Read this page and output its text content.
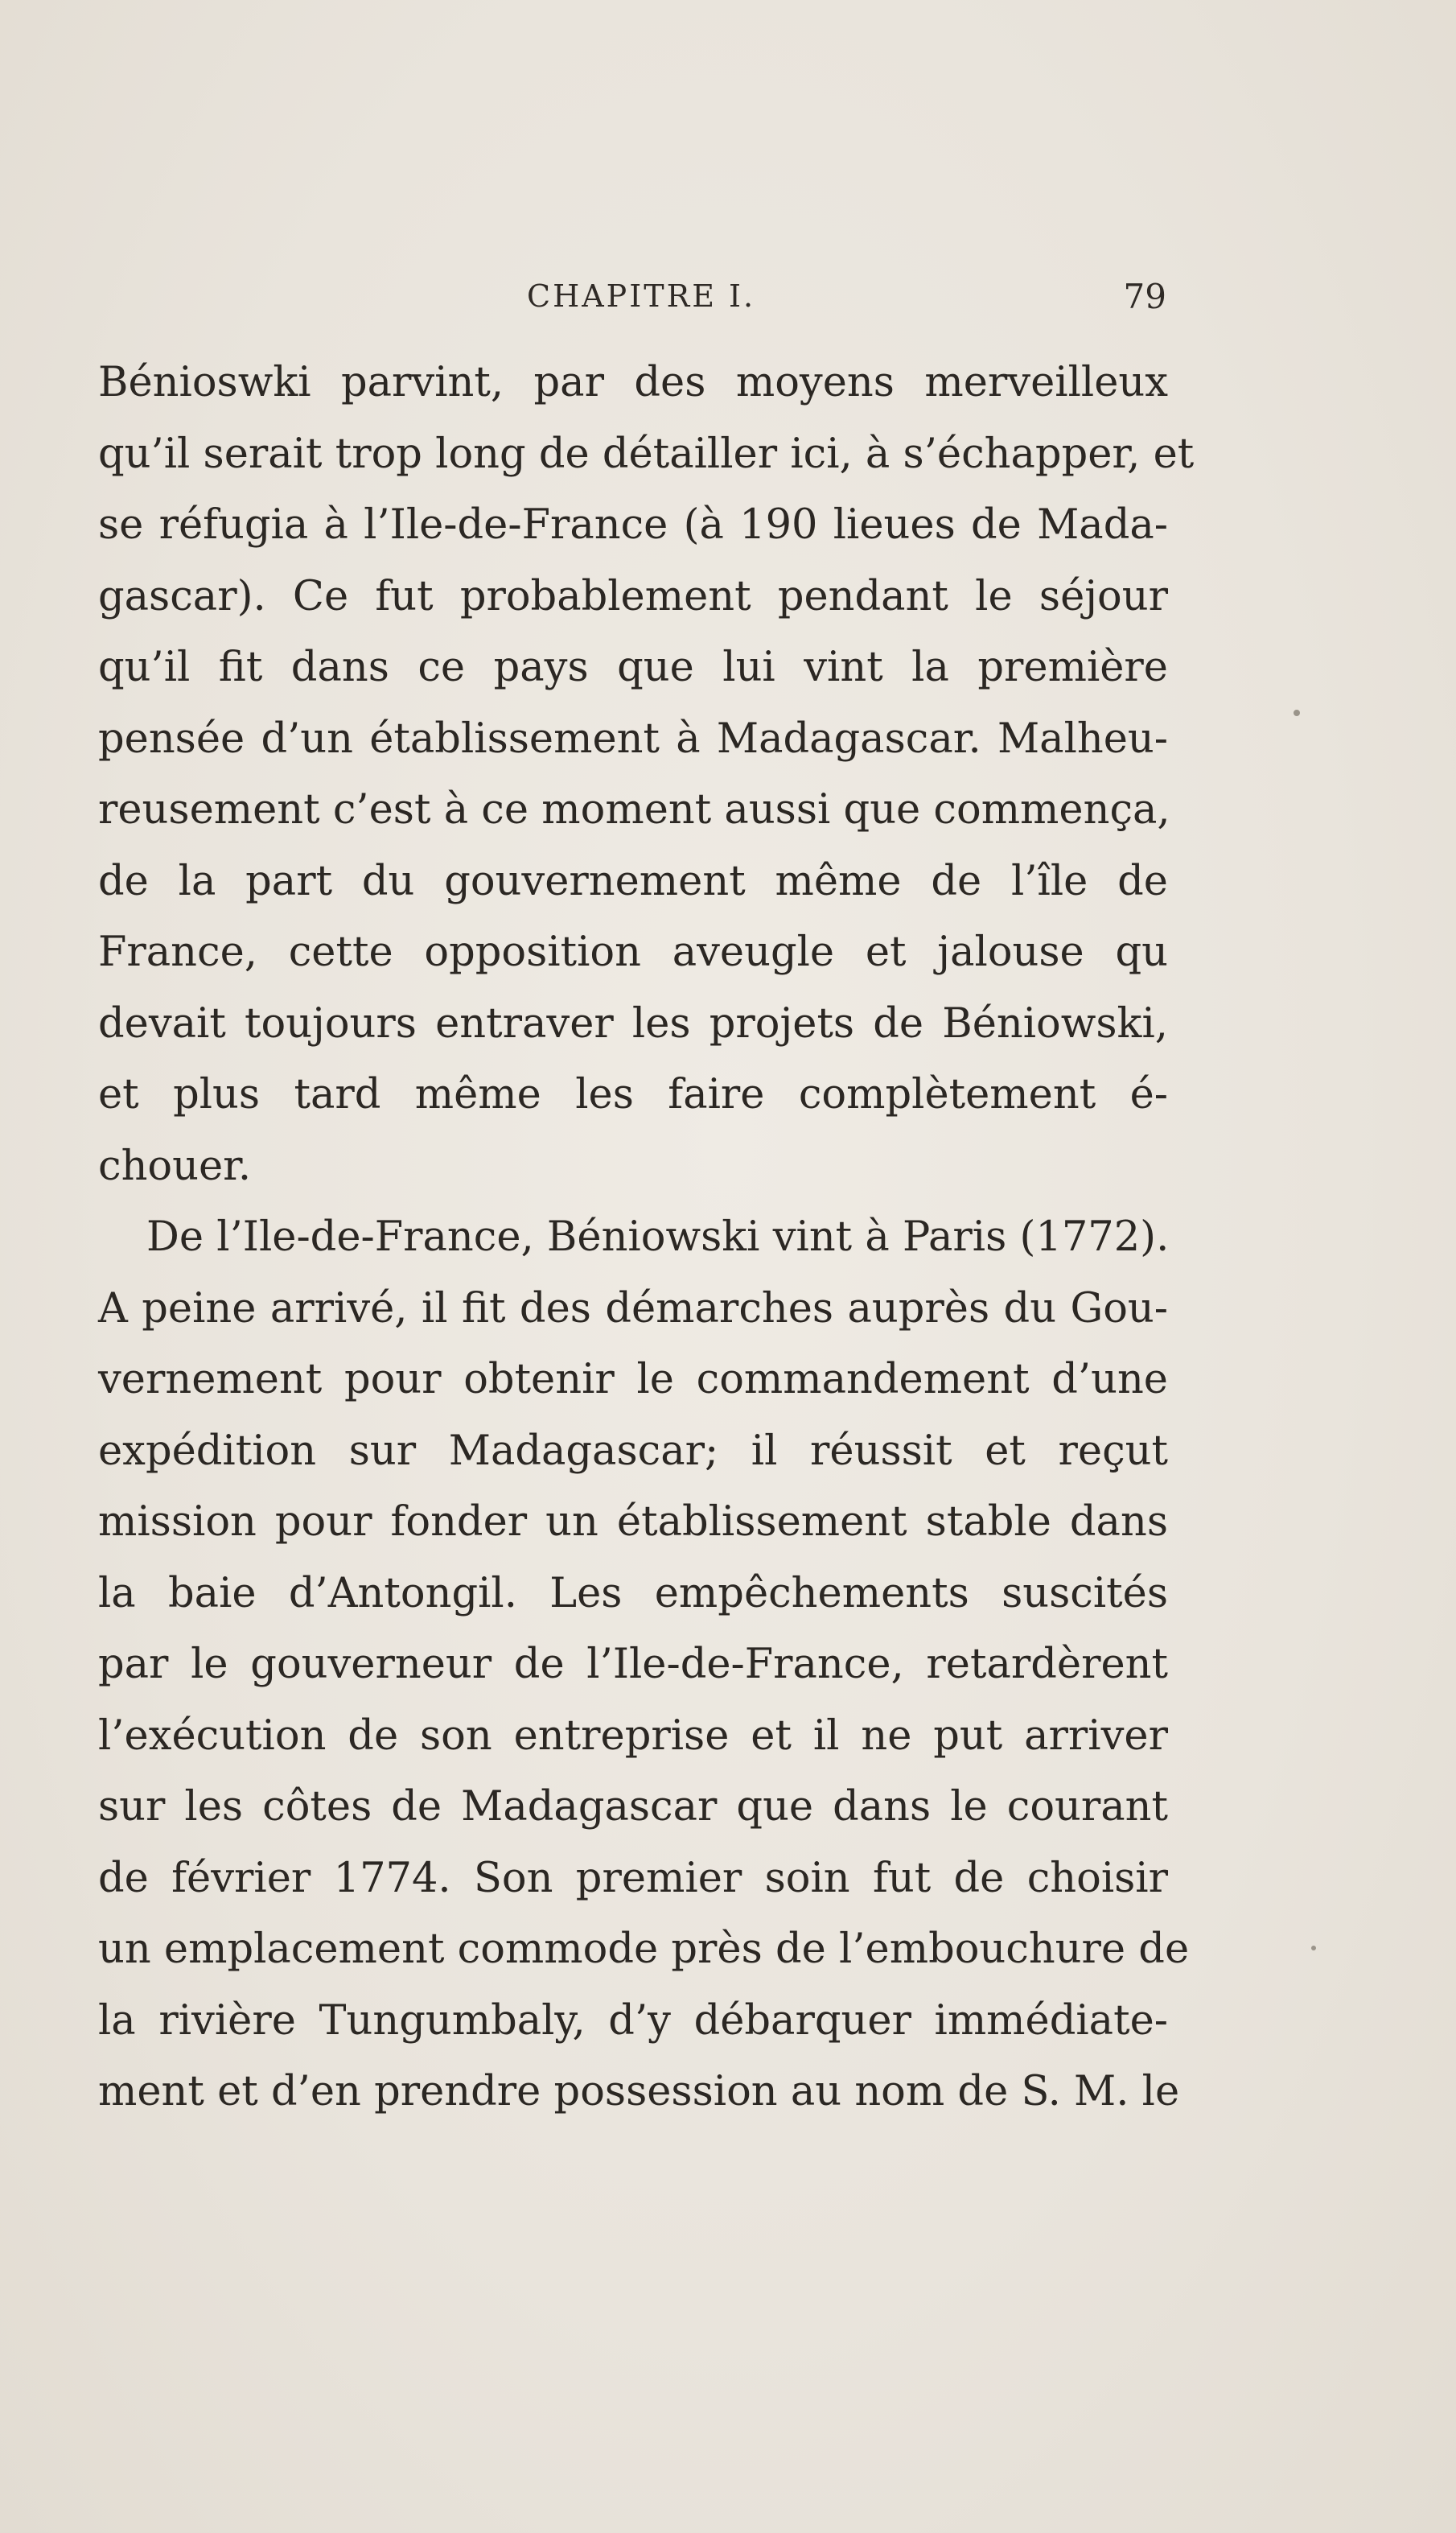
CHAPITRE I.	79
Bénioswki parvint, par des moyens merveilleux
qu’il serait trop long de détailler ici, à s’échapper, et
se réfugia à l’Ile-de-France (à 190 lieues de Mada-
gascar). Ce fut probablement pendant le séjour
qu’il fit dans ce pays que lui vint la première
pensée d’un établissement à Madagascar. Malheu-
reusement c’est à ce moment aussi que commença,
de la part du gouvernement même de l’île de
France, cette opposition aveugle et jalouse qu
devait toujours entraver les projets de Béniowski,
et plus tard même les faire complètement é-
chouer.
De l’Ile-de-France, Béniowski vint à Paris (1772).
A peine arrivé, il fit des démarches auprès du Gou-
vernement pour obtenir le commandement d’une
expédition sur Madagascar; il réussit et reçut
mission pour fonder un établissement stable dans
la baie d’Antongil. Les empêchements suscités
par le gouverneur de l’Ile-de-France, retardèrent
l’exécution de son entreprise et il ne put arriver
sur les côtes de Madagascar que dans le courant
de février 1774. Son premier soin fut de choisir
un emplacement commode près de l’embouchure de
la rivière Tungumbaly, d’y débarquer immédiate-
ment et d’en prendre possession au nom de S. M. le
